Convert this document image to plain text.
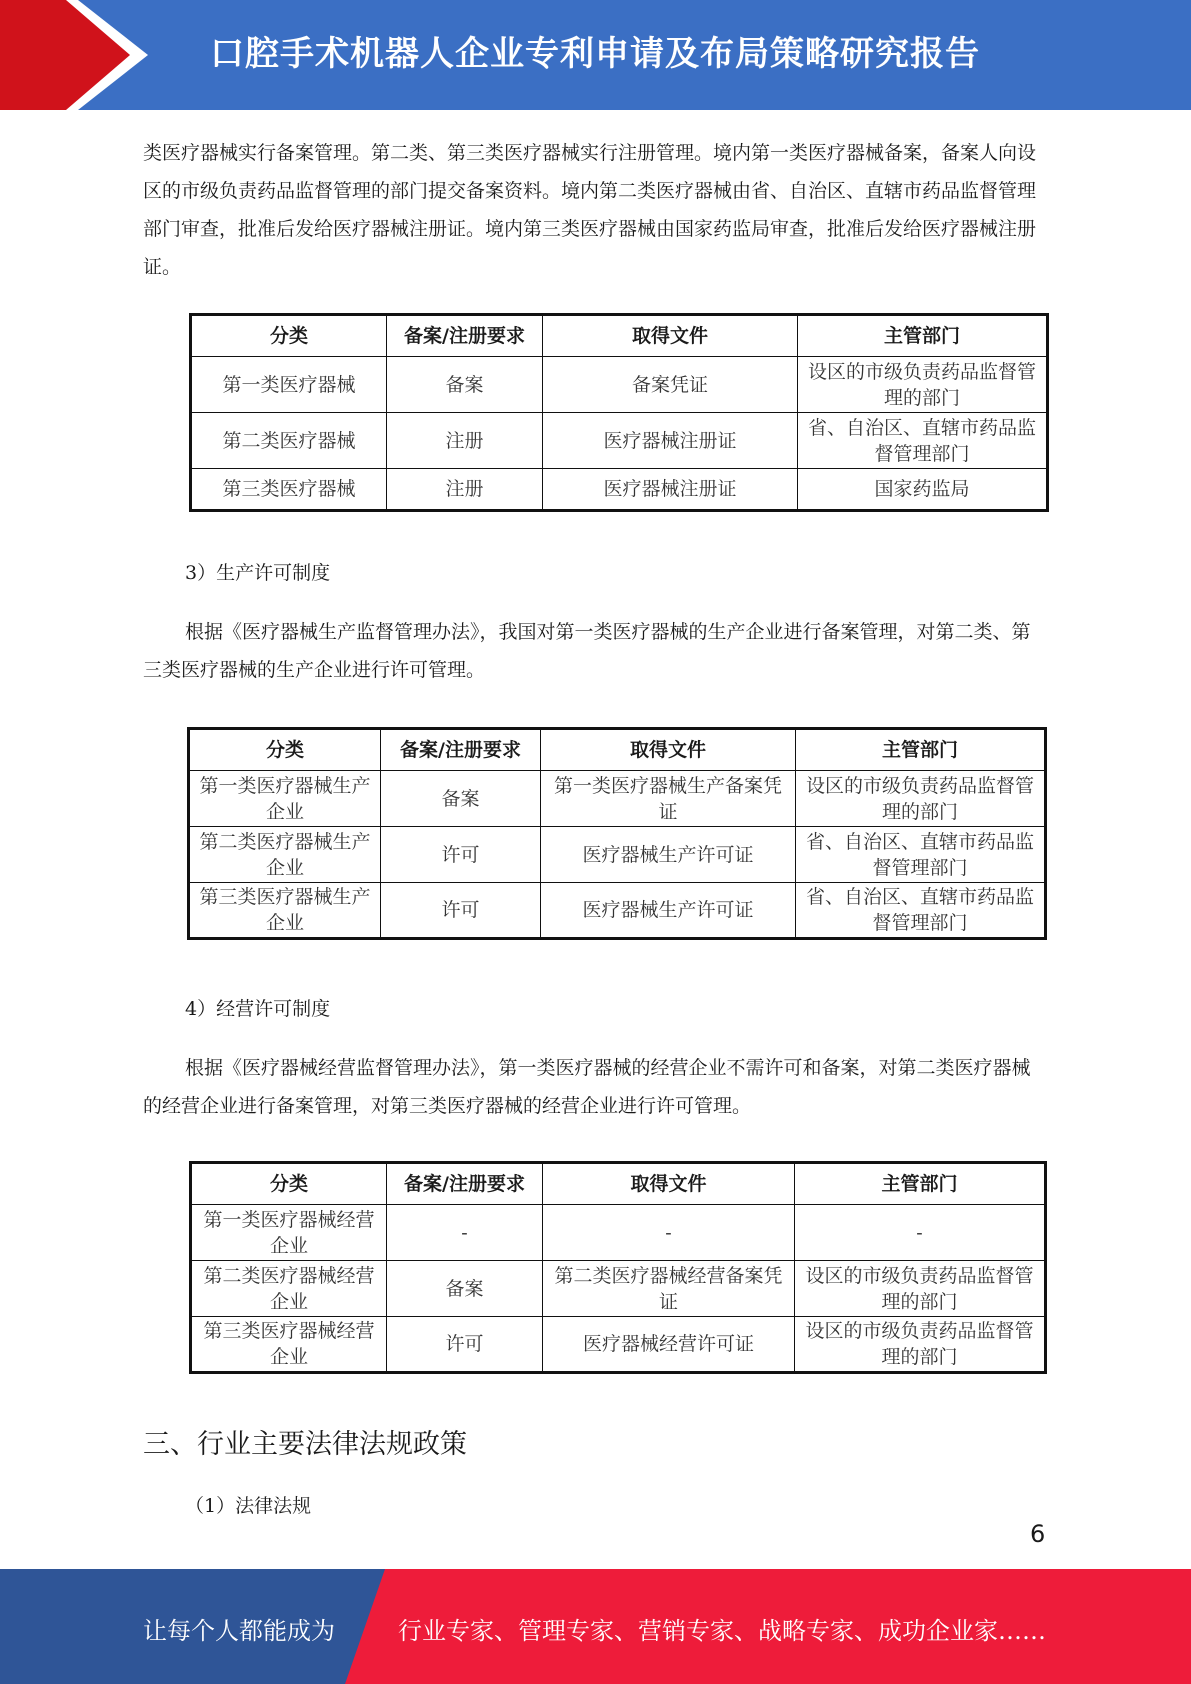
口腔手术机器人企业专利申请及布局策略研究报告

类医疗器械实行备案管理。第二类、第三类医疗器械实行注册管理。境内第一类医疗器械备案，备案人向设区的市级负责药品监督管理的部门提交备案资料。境内第二类医疗器械由省、自治区、直辖市药品监督管理部门审查，批准后发给医疗器械注册证。境内第三类医疗器械由国家药监局审查，批准后发给医疗器械注册证。

分类	备案/注册要求	取得文件	主管部门
第一类医疗器械	备案	备案凭证	设区的市级负责药品监督管理的部门
第二类医疗器械	注册	医疗器械注册证	省、自治区、直辖市药品监督管理部门
第三类医疗器械	注册	医疗器械注册证	国家药监局

3）生产许可制度

根据《医疗器械生产监督管理办法》，我国对第一类医疗器械的生产企业进行备案管理，对第二类、第三类医疗器械的生产企业进行许可管理。

分类	备案/注册要求	取得文件	主管部门
第一类医疗器械生产企业	备案	第一类医疗器械生产备案凭证	设区的市级负责药品监督管理的部门
第二类医疗器械生产企业	许可	医疗器械生产许可证	省、自治区、直辖市药品监督管理部门
第三类医疗器械生产企业	许可	医疗器械生产许可证	省、自治区、直辖市药品监督管理部门

4）经营许可制度

根据《医疗器械经营监督管理办法》，第一类医疗器械的经营企业不需许可和备案，对第二类医疗器械的经营企业进行备案管理，对第三类医疗器械的经营企业进行许可管理。

分类	备案/注册要求	取得文件	主管部门
第一类医疗器械经营企业	-	-	-
第二类医疗器械经营企业	备案	第二类医疗器械经营备案凭证	设区的市级负责药品监督管理的部门
第三类医疗器械经营企业	许可	医疗器械经营许可证	设区的市级负责药品监督管理的部门
三、行业主要法律法规政策

（1）法律法规

6
让每个人都能成为	行业专家、管理专家、营销专家、战略专家、成功企业家……
